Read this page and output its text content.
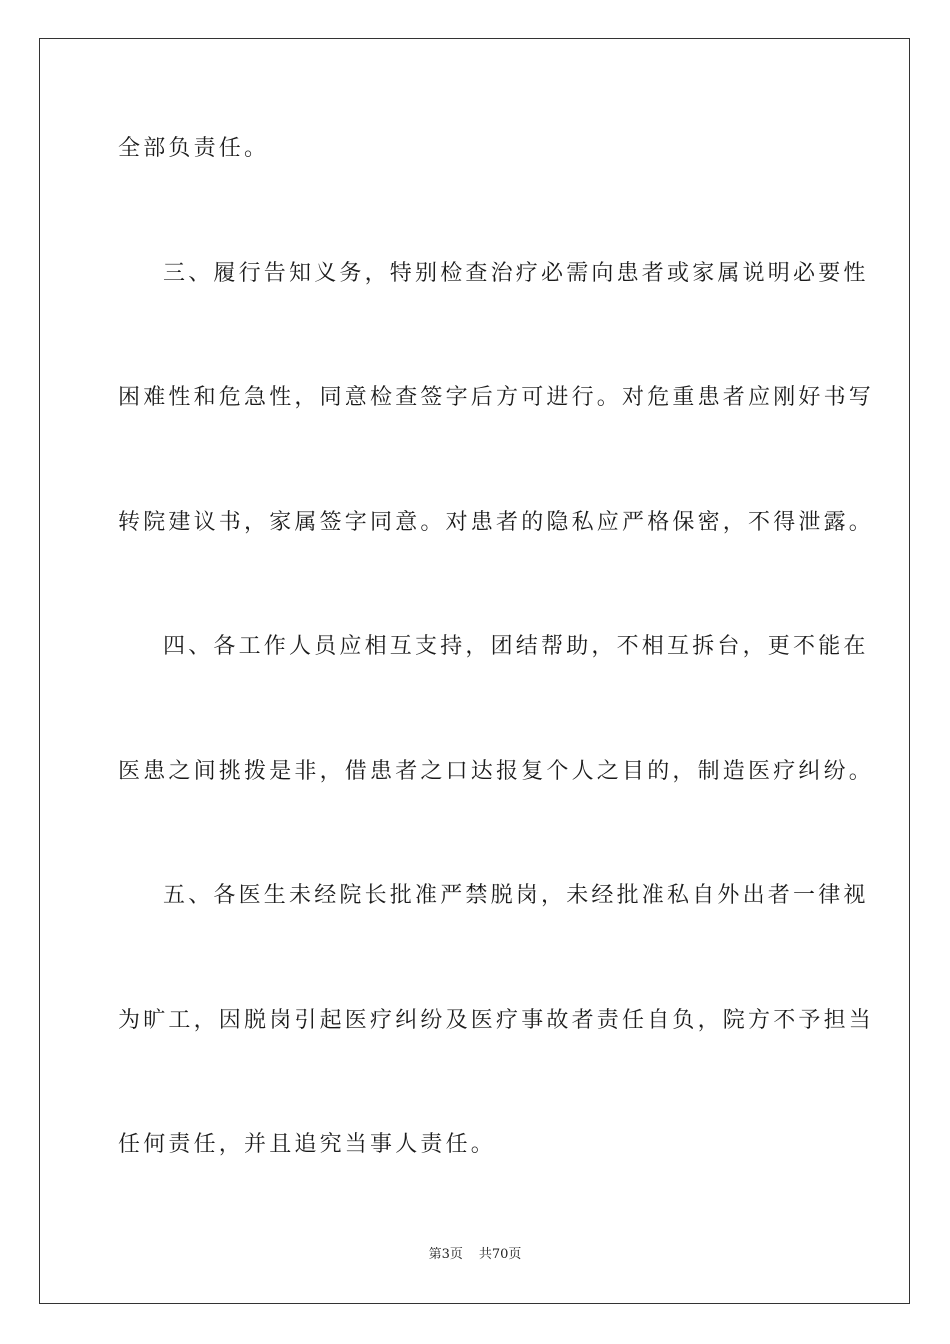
全部负责任。
三、履行告知义务，特别检查治疗必需向患者或家属说明必要性
困难性和危急性，同意检查签字后方可进行。对危重患者应刚好书写
转院建议书，家属签字同意。对患者的隐私应严格保密，不得泄露。
四、各工作人员应相互支持，团结帮助，不相互拆台，更不能在
医患之间挑拨是非，借患者之口达报复个人之目的，制造医疗纠纷。
五、各医生未经院长批准严禁脱岗，未经批准私自外出者一律视
为旷工，因脱岗引起医疗纠纷及医疗事故者责任自负，院方不予担当
任何责任，并且追究当事人责任。
第3页 共70页
